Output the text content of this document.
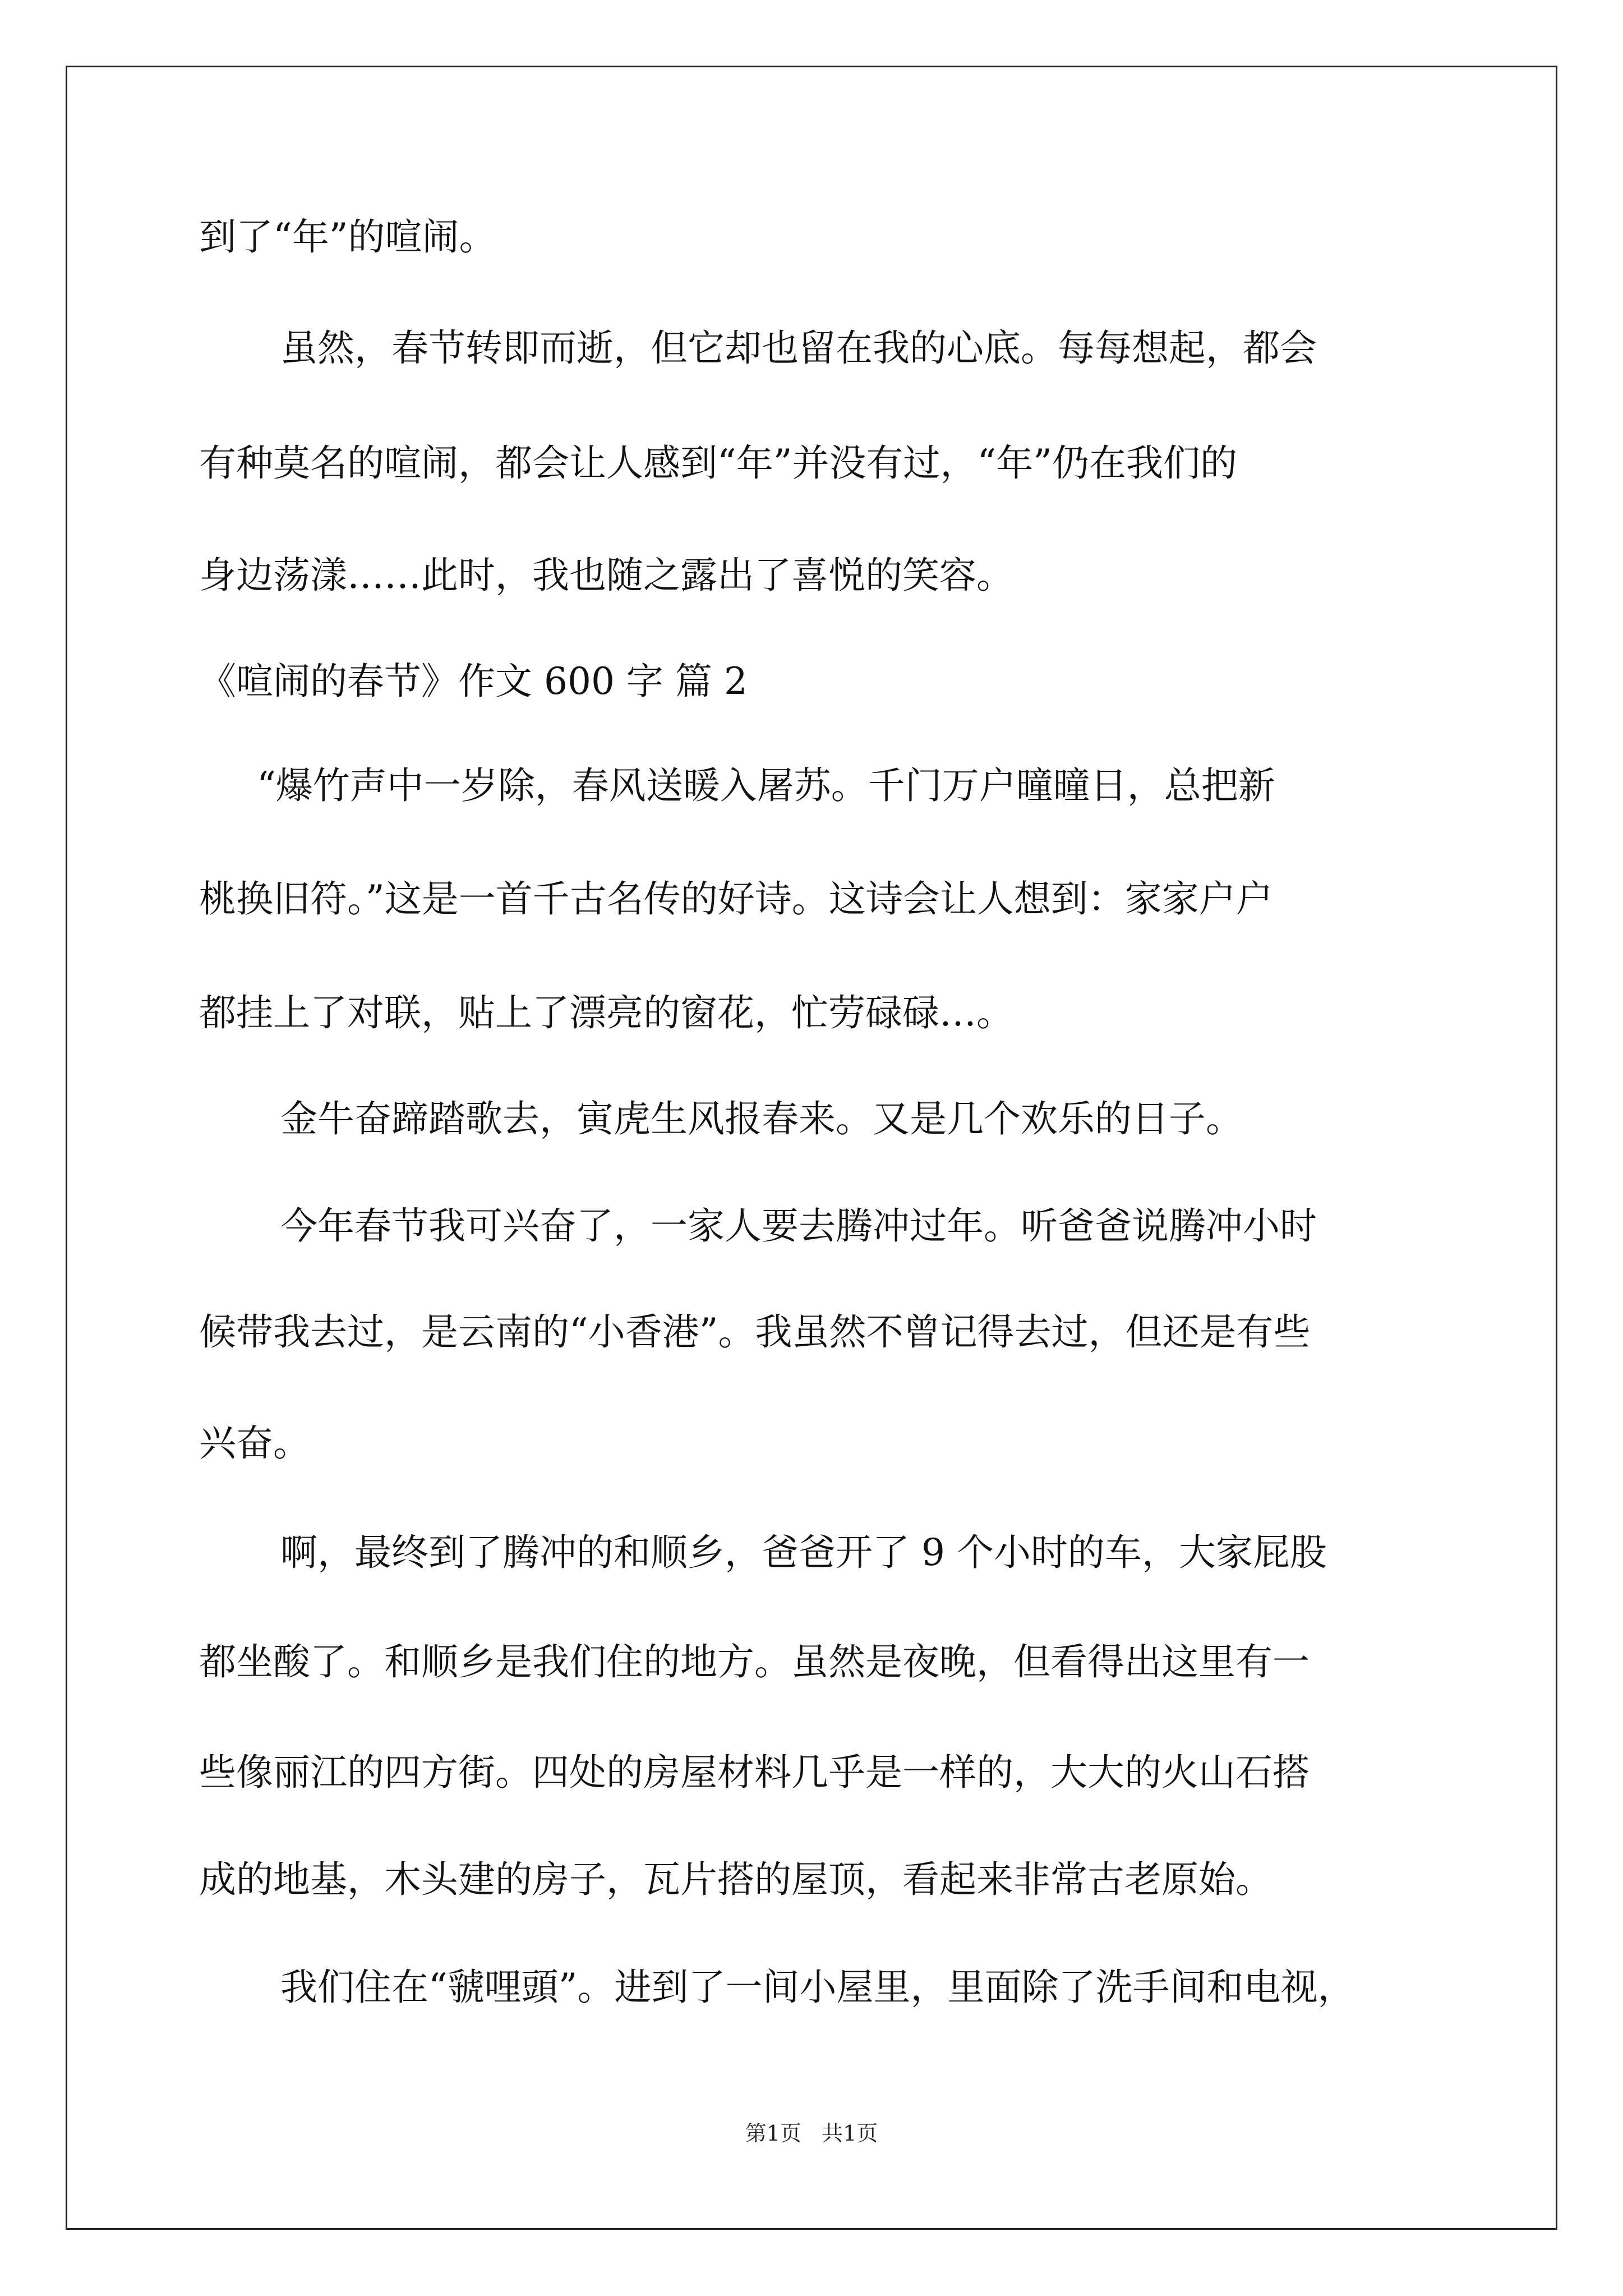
到了“年”的喧闹。
虽然，春节转即而逝，但它却也留在我的心底。每每想起，都会
有种莫名的喧闹，都会让人感到“年”并没有过，“年”仍在我们的
身边荡漾……此时，我也随之露出了喜悦的笑容。
《喧闹的春节》作文 600 字 篇 2
“爆竹声中一岁除，春风送暖入屠苏。千门万户曈曈日，总把新
桃换旧符。”这是一首千古名传的好诗。这诗会让人想到：家家户户
都挂上了对联，贴上了漂亮的窗花，忙劳碌碌…。
金牛奋蹄踏歌去，寅虎生风报春来。又是几个欢乐的日子。
今年春节我可兴奋了，一家人要去腾冲过年。听爸爸说腾冲小时
候带我去过，是云南的“小香港”。我虽然不曾记得去过，但还是有些
兴奋。
啊，最终到了腾冲的和顺乡，爸爸开了 9 个小时的车，大家屁股
都坐酸了。和顺乡是我们住的地方。虽然是夜晚，但看得出这里有一
些像丽江的四方街。四处的房屋材料几乎是一样的，大大的火山石搭
成的地基，木头建的房子，瓦片搭的屋顶，看起来非常古老原始。
我们住在“虢哩頭”。进到了一间小屋里，里面除了洗手间和电视，
第1页   共1页
